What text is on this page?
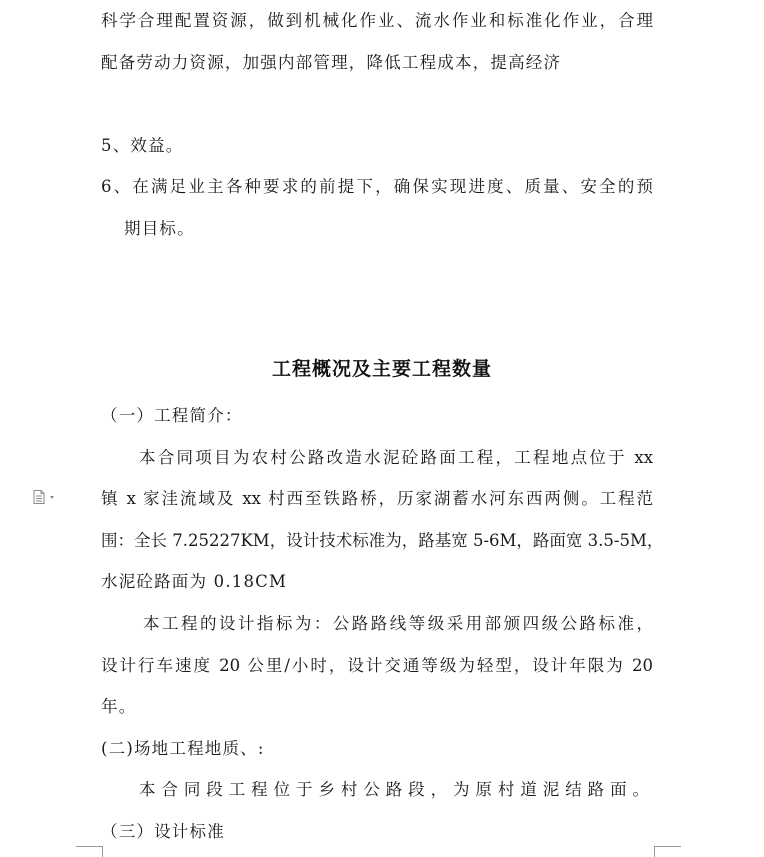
科学合理配置资源，做到机械化作业、流水作业和标准化作业，合理
配备劳动力资源，加强内部管理，降低工程成本，提高经济
5、效益。
6、在满足业主各种要求的前提下，确保实现进度、质量、安全的预
期目标。
工程概况及主要工程数量
（一）工程简介：
本合同项目为农村公路改造水泥砼路面工程，工程地点位于 xx
镇 x 家洼流域及 xx 村西至铁路桥，历家湖蓄水河东西两侧。工程范
围：全长 7.25227KM，设计技术标准为，路基宽 5-6M，路面宽 3.5-5M，
水泥砼路面为 0.18CM
本工程的设计指标为：公路路线等级采用部颁四级公路标准，
设计行车速度 20 公里/小时，设计交通等级为轻型，设计年限为 20
年。
(二)场地工程地质、:
本合同段工程位于乡村公路段，为原村道泥结路面。
（三）设计标准
